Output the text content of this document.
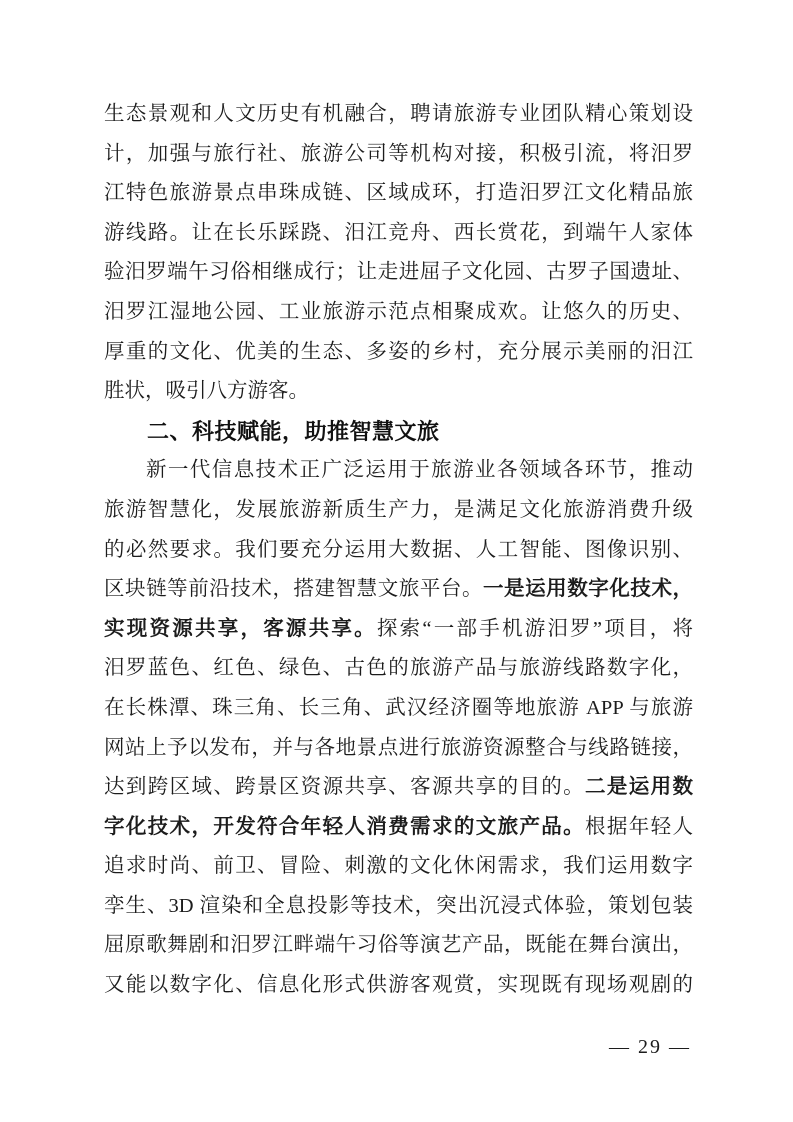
生态景观和人文历史有机融合，聘请旅游专业团队精心策划设
计，加强与旅行社、旅游公司等机构对接，积极引流，将汨罗
江特色旅游景点串珠成链、区域成环，打造汨罗江文化精品旅
游线路。让在长乐踩跷、汨江竞舟、西长赏花，到端午人家体
验汨罗端午习俗相继成行；让走进屈子文化园、古罗子国遗址、
汨罗江湿地公园、工业旅游示范点相聚成欢。让悠久的历史、
厚重的文化、优美的生态、多姿的乡村，充分展示美丽的汨江
胜状，吸引八方游客。
二、科技赋能，助推智慧文旅
新一代信息技术正广泛运用于旅游业各领域各环节，推动
旅游智慧化，发展旅游新质生产力，是满足文化旅游消费升级
的必然要求。我们要充分运用大数据、人工智能、图像识别、
区块链等前沿技术，搭建智慧文旅平台。一是运用数字化技术，
实现资源共享，客源共享。探索“一部手机游汨罗”项目，将
汨罗蓝色、红色、绿色、古色的旅游产品与旅游线路数字化，
在长株潭、珠三角、长三角、武汉经济圈等地旅游 APP 与旅游
网站上予以发布，并与各地景点进行旅游资源整合与线路链接，
达到跨区域、跨景区资源共享、客源共享的目的。二是运用数
字化技术，开发符合年轻人消费需求的文旅产品。根据年轻人
追求时尚、前卫、冒险、刺激的文化休闲需求，我们运用数字
孪生、3D 渲染和全息投影等技术，突出沉浸式体验，策划包装
屈原歌舞剧和汨罗江畔端午习俗等演艺产品，既能在舞台演出，
又能以数字化、信息化形式供游客观赏，实现既有现场观剧的
— 29 —
